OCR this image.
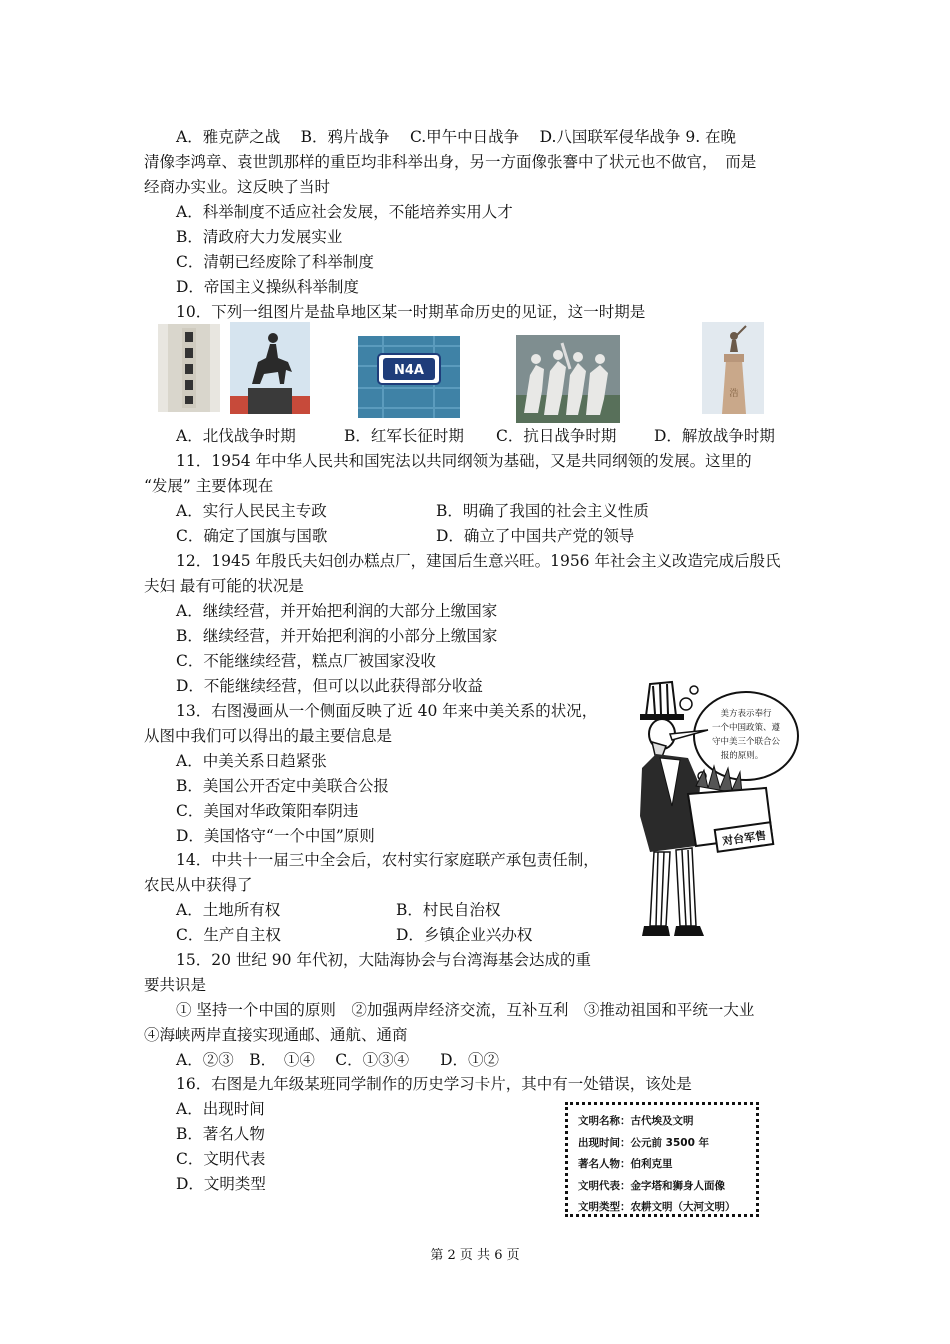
A．雅克萨之战　 B．鸦片战争　 C.甲午中日战争　 D.八国联军侵华战争 9. 在晚
清像李鸿章、袁世凯那样的重臣均非科举出身，另一方面像张謇中了状元也不做官，　而是
经商办实业。这反映了当时
A．科举制度不适应社会发展，不能培养实用人才
B．清政府大力发展实业
C．清朝已经废除了科举制度
D．帝国主义操纵科举制度
10．下列一组图片是盐阜地区某一时期革命历史的见证，这一时期是
N4A
浩
A．北伐战争时期	B．红军长征时期 C．抗日战争时期 D．解放战争时期
11．1954 年中华人民共和国宪法以共同纲领为基础，又是共同纲领的发展。这里的
“发展” 主要体现在
A．实行人民民主专政	B．明确了我国的社会主义性质
C．确定了国旗与国歌	D．确立了中国共产党的领导
12．1945 年殷氏夫妇创办糕点厂，建国后生意兴旺。1956 年社会主义改造完成后殷氏
夫妇 最有可能的状况是
A．继续经营，并开始把利润的大部分上缴国家
B．继续经营，并开始把利润的小部分上缴国家
C．不能继续经营，糕点厂被国家没收
D．不能继续经营，但可以以此获得部分收益
13．右图漫画从一个侧面反映了近 40 年来中美关系的状况，
从图中我们可以得出的最主要信息是
A．中美关系日趋紧张
B．美国公开否定中美联合公报
C．美国对华政策阳奉阴违
D．美国恪守“一个中国”原则
美方表示奉行
一个中国政策、遵
守中美三个联合公
报的原则。
对台军售
14．中共十一届三中全会后，农村实行家庭联产承包责任制，
农民从中获得了
A．土地所有权	B．村民自治权
C．生产自主权	D．乡镇企业兴办权
15．20 世纪 90 年代初，大陆海协会与台湾海基会达成的重
要共识是
① 坚持一个中国的原则　②加强两岸经济交流，互补互利　③推动祖国和平统一大业
④海峡两岸直接实现通邮、通航、通商
A．②③　B．　①④　 C．①③④　　D．①②
16．右图是九年级某班同学制作的历史学习卡片，其中有一处错误，该处是
A．出现时间
B．著名人物
C．文明代表
D．文明类型
文明名称：古代埃及文明
出现时间：公元前 3500 年
著名人物：伯利克里
文明代表：金字塔和狮身人面像
文明类型：农耕文明（大河文明）
第 2 页 共 6 页
